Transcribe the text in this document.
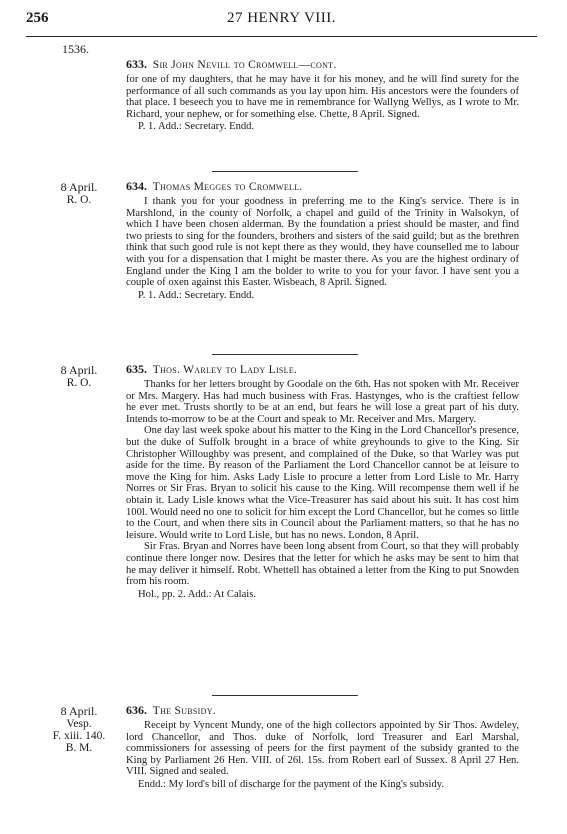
256	27 HENRY VIII.
1536.
633. Sir John Nevill to Cromwell—cont.

for one of my daughters, that he may have it for his money, and he will find surety for the performance of all such commands as you lay upon him. His ancestors were the founders of that place. I beseech you to have me in remembrance for Wallyng Wellys, as I wrote to Mr. Richard, your nephew, or for something else. Chette, 8 April. Signed.

P. 1. Add.: Secretary. Endd.
8 April.
R. O.
634. Thomas Megges to Cromwell.

I thank you for your goodness in preferring me to the King's service. There is in Marshlond, in the county of Norfolk, a chapel and guild of the Trinity in Walsokyn, of which I have been chosen alderman. By the foundation a priest should be master, and find two priests to sing for the founders, brothers and sisters of the said guild; but as the brethren think that such good rule is not kept there as they would, they have counselled me to labour with you for a dispensation that I might be master there. As you are the highest ordinary of England under the King I am the bolder to write to you for your favor. I have sent you a couple of oxen against this Easter. Wisbeach, 8 April. Signed.

P. 1. Add.: Secretary. Endd.
8 April.
R. O.
635. Thos. Warley to Lady Lisle.

Thanks for her letters brought by Goodale on the 6th. Has not spoken with Mr. Receiver or Mrs. Margery. Has had much business with Fras. Hastynges, who is the craftiest fellow he ever met. Trusts shortly to be at an end, but fears he will lose a great part of his duty. Intends to-morrow to be at the Court and speak to Mr. Receiver and Mrs. Margery.

One day last week spoke about his matter to the King in the Lord Chancellor's presence, but the duke of Suffolk brought in a brace of white greyhounds to give to the King. Sir Christopher Willoughby was present, and complained of the Duke, so that Warley was put aside for the time. By reason of the Parliament the Lord Chancellor cannot be at leisure to move the King for him. Asks Lady Lisle to procure a letter from Lord Lisle to Mr. Harry Norres or Sir Fras. Bryan to solicit his cause to the King. Will recompense them well if he obtain it. Lady Lisle knows what the Vice-Treasurer has said about his suit. It has cost him 100l. Would need no one to solicit for him except the Lord Chancellor, but he comes so little to the Court, and when there sits in Council about the Parliament matters, so that he has no leisure. Would write to Lord Lisle, but has no news. London, 8 April.

Sir Fras. Bryan and Norres have been long absent from Court, so that they will probably continue there longer now. Desires that the letter for which he asks may be sent to him that he may deliver it himself. Robt. Whettell has obtained a letter from the King to put Snowden from his room.

Hol., pp. 2. Add.: At Calais.
8 April.
Vesp.
F. xiii. 140.
B. M.
636. The Subsidy.

Receipt by Vyncent Mundy, one of the high collectors appointed by Sir Thos. Awdeley, lord Chancellor, and Thos. duke of Norfolk, lord Treasurer and Earl Marshal, commissioners for assessing of peers for the first payment of the subsidy granted to the King by Parliament 26 Hen. VIII. of 26l. 15s. from Robert earl of Sussex. 8 April 27 Hen. VIII. Signed and sealed.

Endd.: My lord's bill of discharge for the payment of the King's subsidy.
